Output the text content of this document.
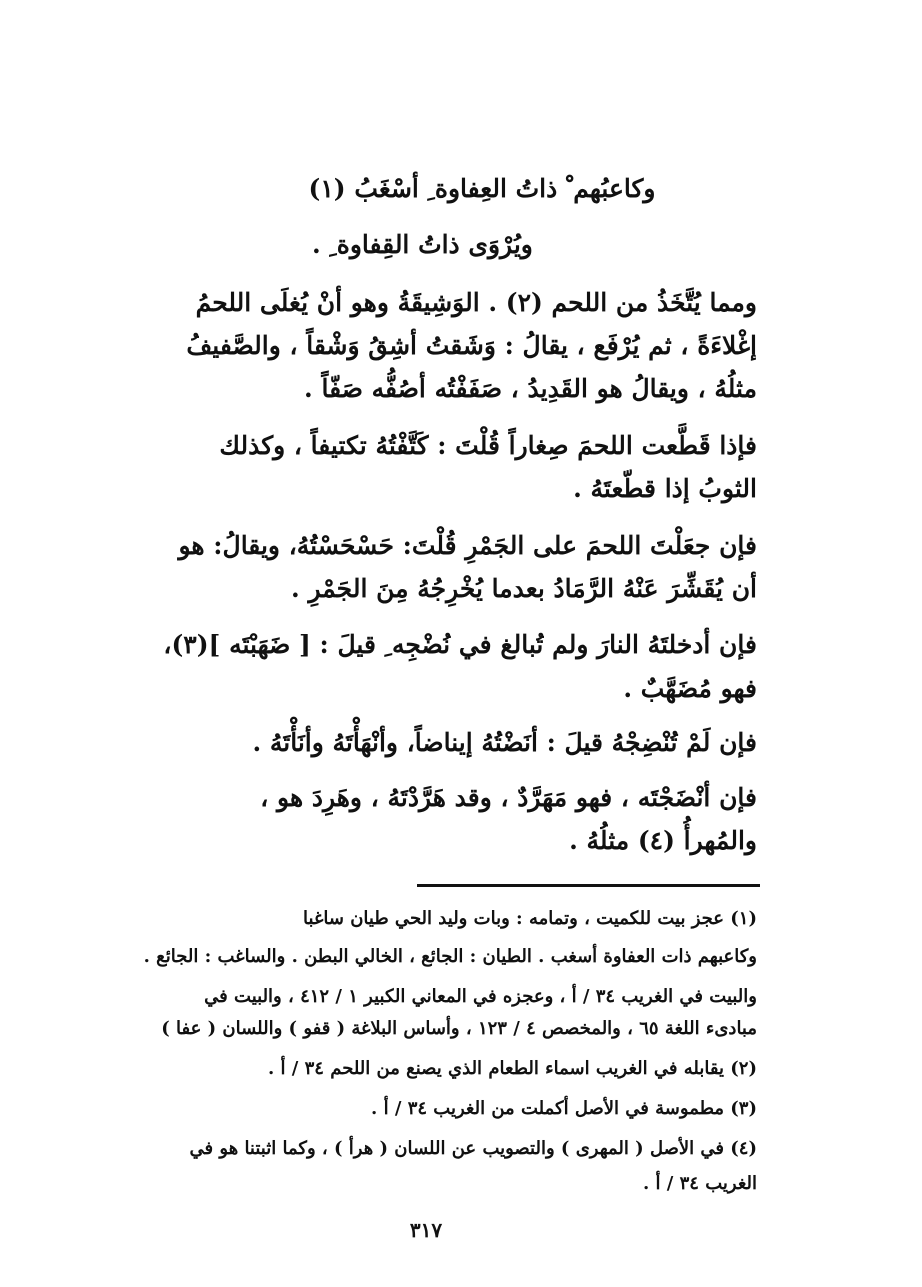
وكاعبُهم ْ ذاتُ العِفاوة ِ أسْغَبُ (١)
ويُرْوَى ذاتُ القِفاوة ِ .
ومما يُتَّخَذُ من اللحم (٢) . الوَشِيقَةُ وهو أنْ يُغلَى اللحمُ
إغْلاءَةً ، ثم يُرْفَع ، يقالُ : وَشَقتُ أشِقُ وَشْقاً ، والصَّفيفُ
مثلُهُ ، ويقالُ هو القَدِيدُ ، صَفَفْتُه أصُفُّه صَفّاً .
فإذا قَطَّعت اللحمَ صِغاراً قُلْتَ : كَتَّفْتُهُ تكتيفاً ، وكذلك
الثوبُ إذا قطّعتَهُ .
فإن جعَلْتَ اللحمَ على الجَمْرِ قُلْتَ: حَسْحَسْتُهُ، ويقالُ: هو
أن يُقَشِّرَ عَنْهُ الرَّمَادُ بعدما يُخْرِجُهُ مِنَ الجَمْرِ .
فإن أدخلتَهُ النارَ ولم تُبالغ في نُضْجِه ِ قيلَ : [ ضَهَبْتَه ](٣)،
فهو مُضَهَّبٌ .
فإن لَمْ تُنْضِجْهُ قيلَ : أنَضْتُهُ إيناضاً، وأنْهَأْتَهُ وأنَأْتَهُ .
فإن أنْضَجْتَه ، فهو مَهَرَّدٌ ، وقد هَرَّدْتَهُ ، وهَرِدَ هو ،
والمُهرأُ (٤) مثلُهُ .
(١) عجز بيت للكميت ، وتمامه : وبات وليد الحي طيان ساغبا
وكاعبهم ذات العفاوة أسغب . الطيان : الجائع ، الخالي البطن . والساغب : الجائع .
والبيت في الغريب ٣٤ / أ ، وعجزه في المعاني الكبير ١ / ٤١٢ ، والبيت في
مبادىء اللغة ٦٥ ، والمخصص ٤ / ١٢٣ ، وأساس البلاغة ( قفو ) واللسان ( عفا )
(٢) يقابله في الغريب اسماء الطعام الذي يصنع من اللحم ٣٤ / أ .
(٣) مطموسة في الأصل أكملت من الغريب ٣٤ / أ .
(٤) في الأصل ( المهرى ) والتصويب عن اللسان ( هرأ ) ، وكما اثبتنا هو في
الغريب ٣٤ / أ .
٣١٧
